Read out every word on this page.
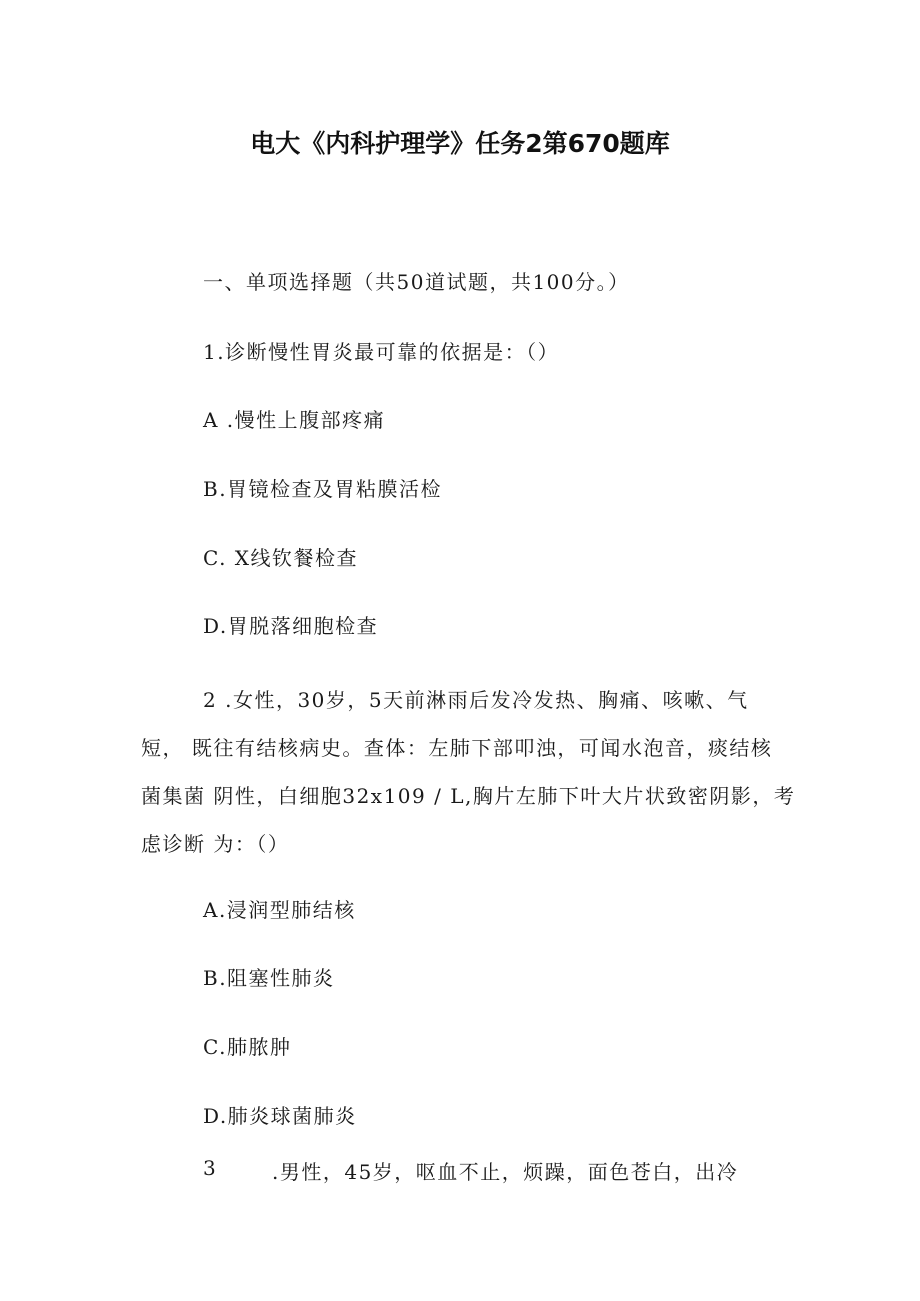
电大《内科护理学》任务2第670题库
一、单项选择题（共50道试题，共100分。）
1.诊断慢性胃炎最可靠的依据是：（）
A .慢性上腹部疼痛
B.胃镜检查及胃粘膜活检
C. X线钦餐检查
D.胃脱落细胞检查
2 .女性，30岁，5天前淋雨后发冷发热、胸痛、咳嗽、气
短， 既往有结核病史。查体：左肺下部叩浊，可闻水泡音，痰结核
菌集菌 阴性，白细胞32x109 / L,胸片左肺下叶大片状致密阴影，考
虑诊断 为：（）
A.浸润型肺结核
B.阻塞性肺炎
C.肺脓肿
D.肺炎球菌肺炎
3	.男性，45岁，呕血不止，烦躁，面色苍白，出冷
